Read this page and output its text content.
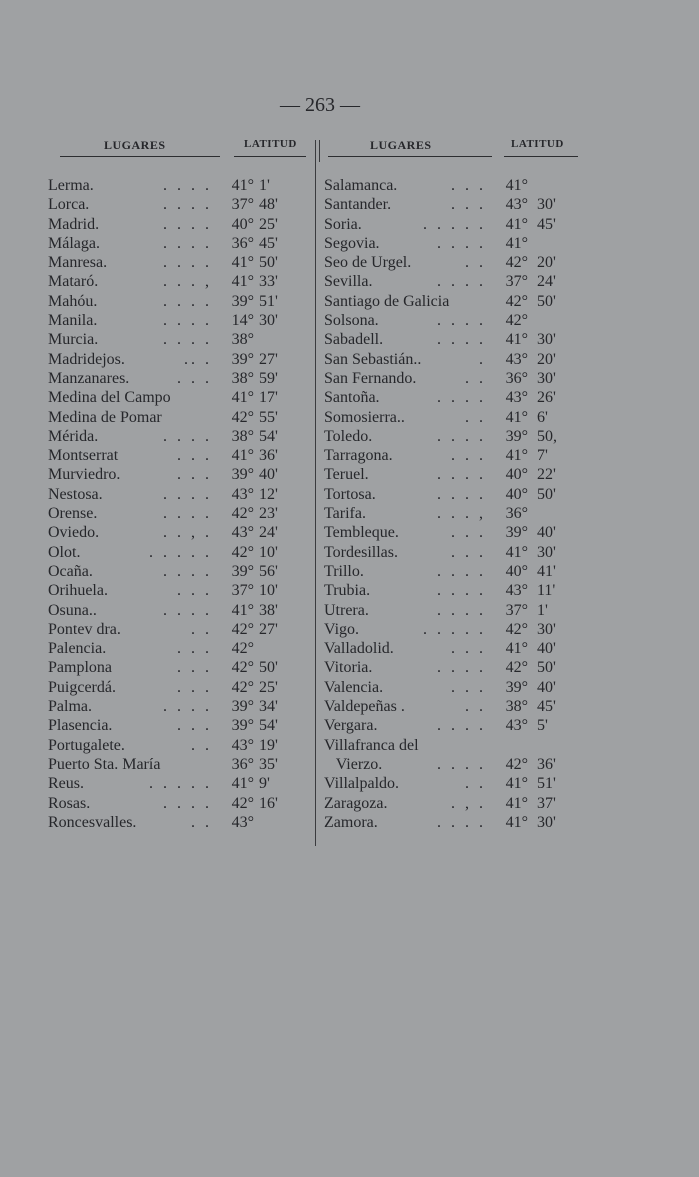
— 263 —
LUGARES	LATITUD
Lerma.	. . . .	41° 1'
Lorca.	. . . .	37° 48'
Madrid.	. . . .	40° 25'
Málaga.	. . . .	36° 45'
Manresa.	. . . .	41° 50'
Mataró.	. . . ,	41° 33'
Mahóu.	. . . .	39° 51'
Manila.	. . . .	14° 30'
Murcia.	. . . .	38°
Madridejos.	.. .	39° 27'
Manzanares.	. . .	38° 59'
Medina del Campo	41° 17'
Medina de Pomar	42° 55'
Mérida.	. . . .	38° 54'
Montserrat	. . .	41° 36'
Murviedro.	. . .	39° 40'
Nestosa.	. . . .	43° 12'
Orense.	. . . .	42° 23'
Oviedo.	. . , .	43° 24'
Olot.	. . . . .	42° 10'
Ocaña.	. . . .	39° 56'
Orihuela.	. . .	37° 10'
Osuna..	. . . .	41° 38'
Pontev dra.	. .	42° 27'
Palencia.	. . .	42°
Pamplona	. . .	42° 50'
Puigcerdá.	. . .	42° 25'
Palma.	. . . .	39° 34'
Plasencia.	. . .	39° 54'
Portugalete.	. .	43° 19'
Puerto Sta. María	36° 35'
Reus.	. . . . .	41° 9'
Rosas.	. . . .	42° 16'
Roncesvalles.	. .	43°
LUGARES	LATITUD
Salamanca.	. . .	41°
Santander.	. . .	43° 30'
Soria.	. . . . .	41° 45'
Segovia.	. . . .	41°
Seo de Urgel.	. .	42° 20'
Sevilla.	. . . .	37° 24'
Santiago de Galicia	42° 50'
Solsona.	. . . .	42°
Sabadell.	. . . .	41° 30'
San Sebastián..	.	43° 20'
San Fernando.	. .	36° 30'
Santoña.	. . . .	43° 26'
Somosierra..	. .	41° 6'
Toledo.	. . . .	39° 50,
Tarragona.	. . .	41° 7'
Teruel.	. . . .	40° 22'
Tortosa.	. . . .	40° 50'
Tarifa.	. . . ,	36°
Tembleque.	. . .	39° 40'
Tordesillas.	. . .	41° 30'
Trillo.	. . . .	40° 41'
Trubia.	. . . .	43° 11'
Utrera.	. . . .	37° 1'
Vigo.	. . . . .	42° 30'
Valladolid.	. . .	41° 40'
Vitoria.	. . . .	42° 50'
Valencia.	. . .	39° 40'
Valdepeñas .	. .	38° 45'
Vergara.	. . . .	43° 5'
Villafranca del
Vierzo.	. . . .	42° 36'
Villalpaldo.	. .	41° 51'
Zaragoza.	. , .	41° 37'
Zamora.	. . . .	41° 30'
